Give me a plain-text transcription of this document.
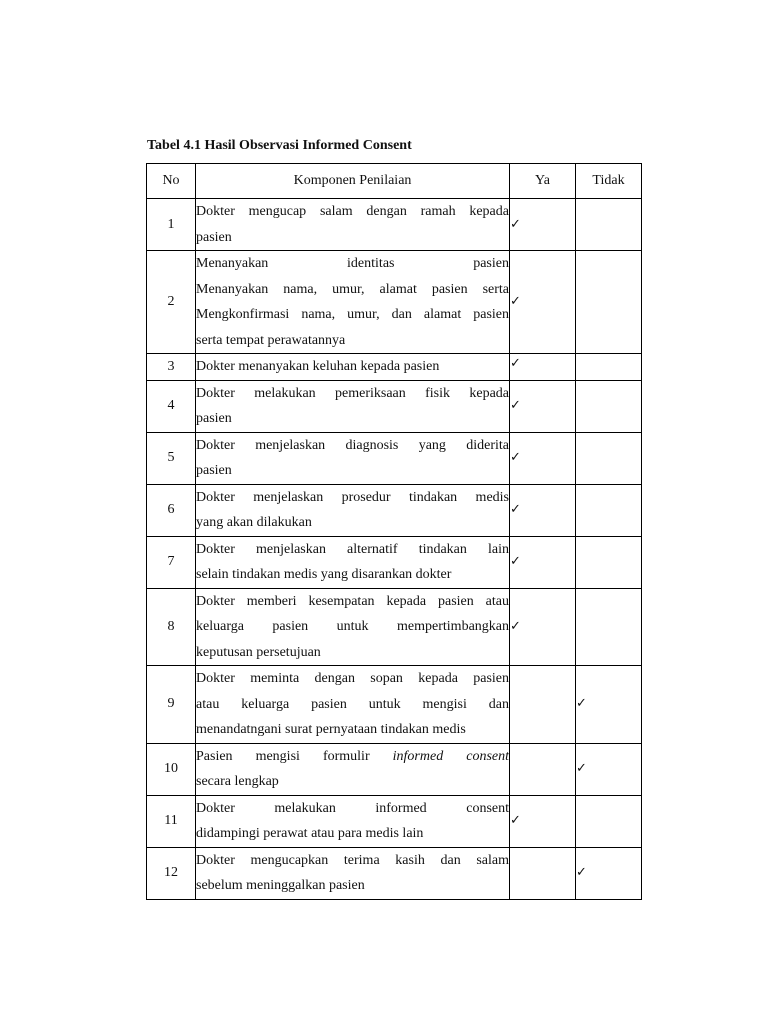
Tabel 4.1 Hasil Observasi Informed Consent
No	Komponen Penilaian	Ya	Tidak
1	Dokter mengucap salam dengan ramah kepada
pasien	✓	
2	Menanyakan identitas pasien
Menanyakan nama, umur, alamat pasien serta
Mengkonfirmasi nama, umur, dan alamat pasien
serta tempat perawatannya	✓	
3	Dokter menanyakan keluhan kepada pasien	✓	
4	Dokter melakukan pemeriksaan fisik kepada
pasien	✓	
5	Dokter menjelaskan diagnosis yang diderita
pasien	✓	
6	Dokter menjelaskan prosedur tindakan medis
yang akan dilakukan	✓	
7	Dokter menjelaskan alternatif tindakan lain
selain tindakan medis yang disarankan dokter	✓	
8	Dokter memberi kesempatan kepada pasien atau
keluarga pasien untuk mempertimbangkan
keputusan persetujuan	✓	
9	Dokter meminta dengan sopan kepada pasien
atau keluarga pasien untuk mengisi dan
menandatngani surat pernyataan tindakan medis		✓
10	Pasien mengisi formulir informed consent
secara lengkap		✓
11	Dokter melakukan informed consent
didampingi perawat atau para medis lain	✓	
12	Dokter mengucapkan terima kasih dan salam
sebelum meninggalkan pasien		✓
